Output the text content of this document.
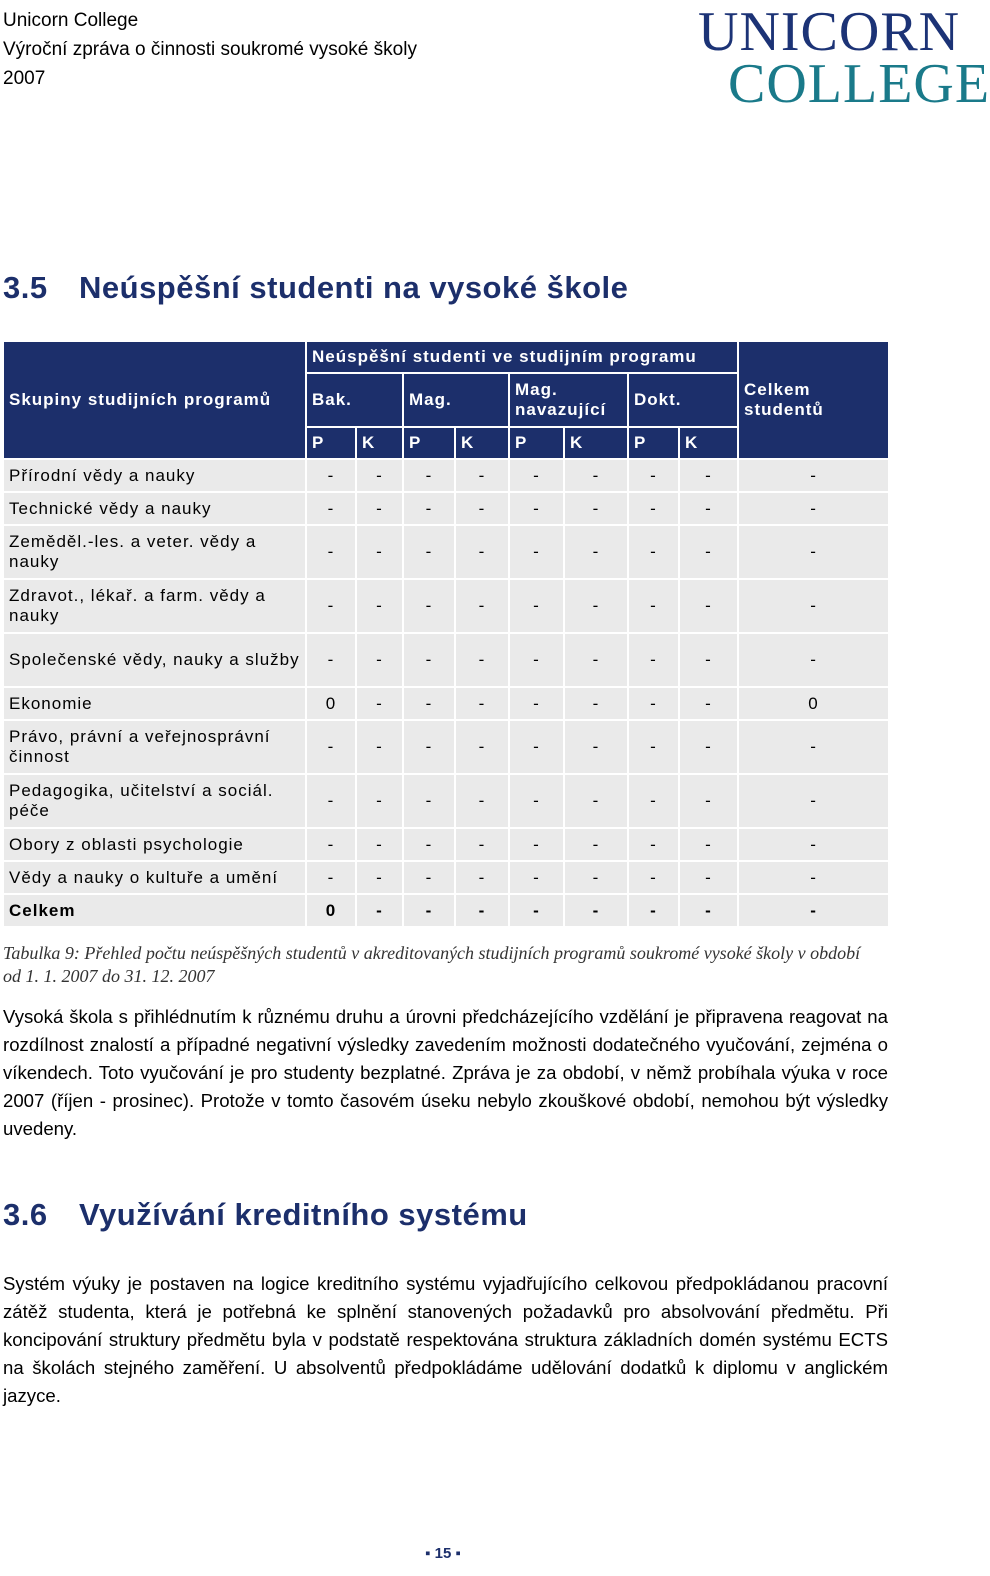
Unicorn College
Výroční zpráva o činnosti soukromé vysoké školy
2007
UNICORN
COLLEGE
3.5 Neúspěšní studenti na vysoké škole
Skupiny studijních programů	Neúspěšní studenti ve studijním programu								Celkem studentů
	Bak.		Mag.		Mag. navazující		Dokt.		
	P	K	P	K	P	K	P	K	
Přírodní vědy a nauky	-	-	-	-	-	-	-	-	-
Technické vědy a nauky	-	-	-	-	-	-	-	-	-
Zeměděl.-les. a veter. vědy a nauky	-	-	-	-	-	-	-	-	-
Zdravot., lékař. a farm. vědy a nauky	-	-	-	-	-	-	-	-	-
Společenské vědy, nauky a služby	-	-	-	-	-	-	-	-	-
Ekonomie	0	-	-	-	-	-	-	-	0
Právo, právní a veřejnosprávní činnost	-	-	-	-	-	-	-	-	-
Pedagogika, učitelství a sociál. péče	-	-	-	-	-	-	-	-	-
Obory z oblasti psychologie	-	-	-	-	-	-	-	-	-
Vědy a nauky o kultuře a umění	-	-	-	-	-	-	-	-	-
Celkem	0	-	-	-	-	-	-	-	-
Tabulka 9: Přehled počtu neúspěšných studentů v akreditovaných studijních programů soukromé vysoké školy v období od 1. 1. 2007 do 31. 12. 2007
Vysoká škola s přihlédnutím k různému druhu a úrovni předcházejícího vzdělání je připravena reagovat na rozdílnost znalostí a případné negativní výsledky zavedením možnosti dodatečného vyučování, zejména o víkendech. Toto vyučování je pro studenty bezplatné. Zpráva je za období, v němž probíhala výuka v roce 2007 (říjen - prosinec). Protože v tomto časovém úseku nebylo zkouškové období, nemohou být výsledky uvedeny.
3.6 Využívání kreditního systému
Systém výuky je postaven na logice kreditního systému vyjadřujícího celkovou předpokládanou pracovní zátěž studenta, která je potřebná ke splnění stanovených požadavků pro absolvování předmětu. Při koncipování struktury předmětu byla v podstatě respektována struktura základních domén systému ECTS na školách stejného zaměření. U absolventů předpokládáme udělování dodatků k diplomu v anglickém jazyce.
▪ 15 ▪
